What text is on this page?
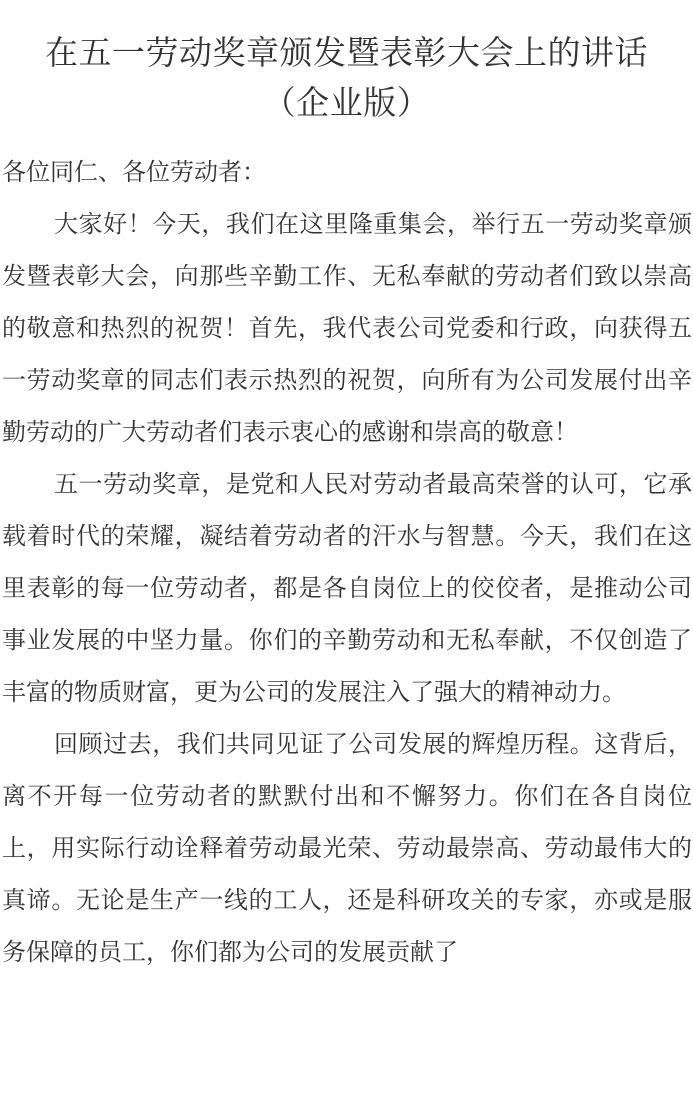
在五一劳动奖章颁发暨表彰大会上的讲话
（企业版）

各位同仁、各位劳动者：

大家好！今天，我们在这里隆重集会，举行五一劳动奖章颁发暨表彰大会，向那些辛勤工作、无私奉献的劳动者们致以崇高的敬意和热烈的祝贺！首先，我代表公司党委和行政，向获得五一劳动奖章的同志们表示热烈的祝贺，向所有为公司发展付出辛勤劳动的广大劳动者们表示衷心的感谢和崇高的敬意！

五一劳动奖章，是党和人民对劳动者最高荣誉的认可，它承载着时代的荣耀，凝结着劳动者的汗水与智慧。今天，我们在这里表彰的每一位劳动者，都是各自岗位上的佼佼者，是推动公司事业发展的中坚力量。你们的辛勤劳动和无私奉献，不仅创造了丰富的物质财富，更为公司的发展注入了强大的精神动力。

回顾过去，我们共同见证了公司发展的辉煌历程。这背后，离不开每一位劳动者的默默付出和不懈努力。你们在各自岗位上，用实际行动诠释着劳动最光荣、劳动最崇高、劳动最伟大的真谛。无论是生产一线的工人，还是科研攻关的专家，亦或是服务保障的员工，你们都为公司的发展贡献了
